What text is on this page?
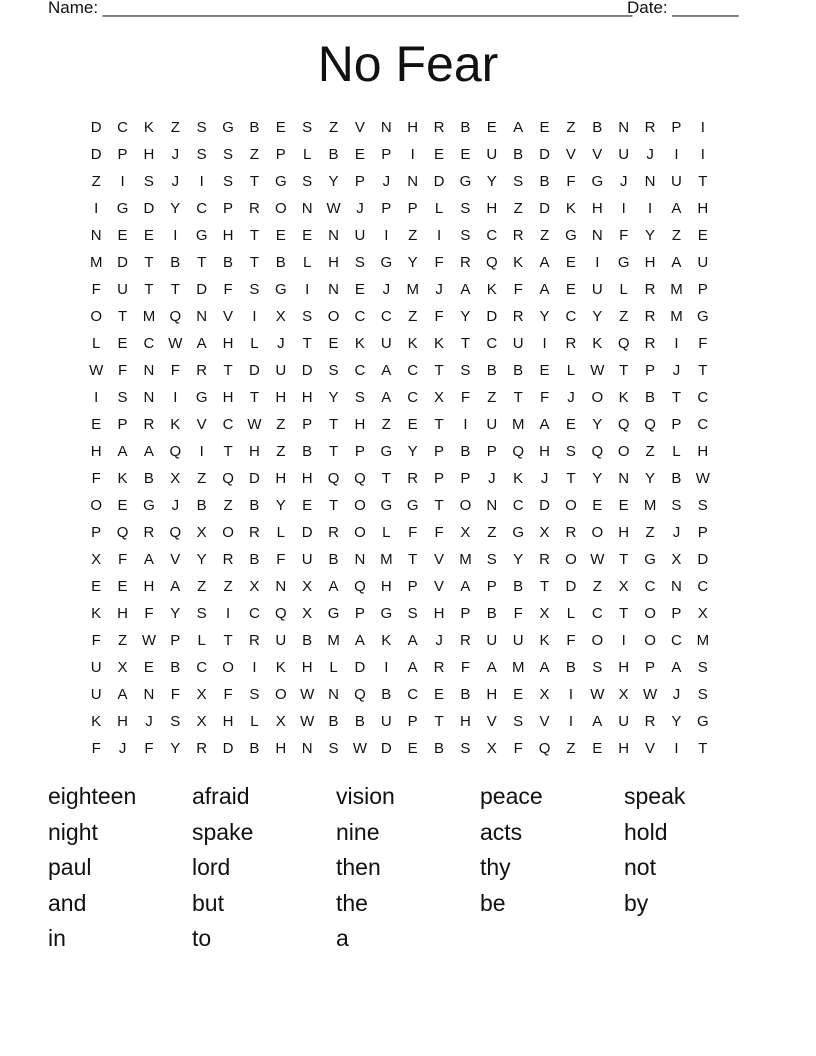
Name: ________________________________________________________
Date: _______
No Fear
D	C	K	Z	S	G	B	E	S	Z	V	N	H	R	B	E	A	E	Z	B	N	R	P	I
D	P	H	J	S	S	Z	P	L	B	E	P	I	E	E	U	B	D	V	V	U	J	I	I
Z	I	S	J	I	S	T	G	S	Y	P	J	N	D	G	Y	S	B	F	G	J	N	U	T
I	G	D	Y	C	P	R	O	N W	J	P	P	L	S	H	Z	D	K	H	I	I	A	H
N	E	E	I	G	H	T	E	E	N	U	I	Z	I	S	C	R	Z	G	N	F	Y	Z	E
M D	T	B	T	B	T	B	L	H	S	G	Y	F	R	Q	K	A	E	I	G	H	A	U
F	U	T	T	D	F	S	G	I	N	E	J	M	J	A	K	F	A	E	U	L	R M	P
O	T	M Q	N	V	I	X	S	O	C	C	Z	F	Y	D	R	Y	C	Y	Z	R M G
L	E	C W A	H	L	J	T	E	K	U	K	K	T	C	U	I	R	K	Q	R	I	F
W F	N	F	R	T	D	U	D	S	C	A	C	T	S	B	B	E	L	W T	P	J	T
I	S	N	I	G	H	T	H	H	Y	S	A	C	X	F	Z	T	F	J	O	K	B	T	C
E	P	R	K	V	C W Z	P	T	H	Z	E	T	I	U M	A	E	Y	Q Q	P	C
H	A	A	Q	I	T	H	Z	B	T	P	G	Y	P	B	P	Q	H	S	Q O	Z	L	H
F	K	B	X	Z	Q	D	H	H	Q Q	T	R	P	P	J	K	J	T	Y	N	Y	B W
O	E	G	J	B	Z	B	Y	E	T	O G G	T	O	N	C	D	O	E	E	M	S	S
P	Q	R	Q	X	O	R	L	D	R	O	L	F	F	X	Z	G	X	R	O	H	Z	J	P
X	F	A	V	Y	R	B	F	U	B	N M	T	V	M	S	Y	R	O W T	G	X	D
E	E	H	A	Z	Z	X	N	X	A	Q	H	P	V	A	P	B	T	D	Z	X	C	N	C
K	H	F	Y	S	I	C	Q	X	G	P	G	S	H	P	B	F	X	L	C	T	O	P	X
F	Z W P	L	T	R	U	B	M	A	K	A	J	R	U	U	K	F	O	I	O	C M
U	X	E	B	C	O	I	K	H	L	D	I	A	R	F	A	M	A	B	S	H	P	A	S
U	A	N	F	X	F	S	O W N	Q	B	C	E	B	H	E	X	I	W X W	J	S
K	H	J	S	X	H	L	X W B	B	U	P	T	H	V	S	V	I	A	U	R	Y	G
F	J	F	Y	R	D	B	H	N	S W D	E	B	S	X	F	Q	Z	E	H	V	I	T
eighteen	afraid	vision	peace	speak
night	spake	nine	acts	hold
paul	lord	then	thy	not
and	but	the	be	by
in	to	a
